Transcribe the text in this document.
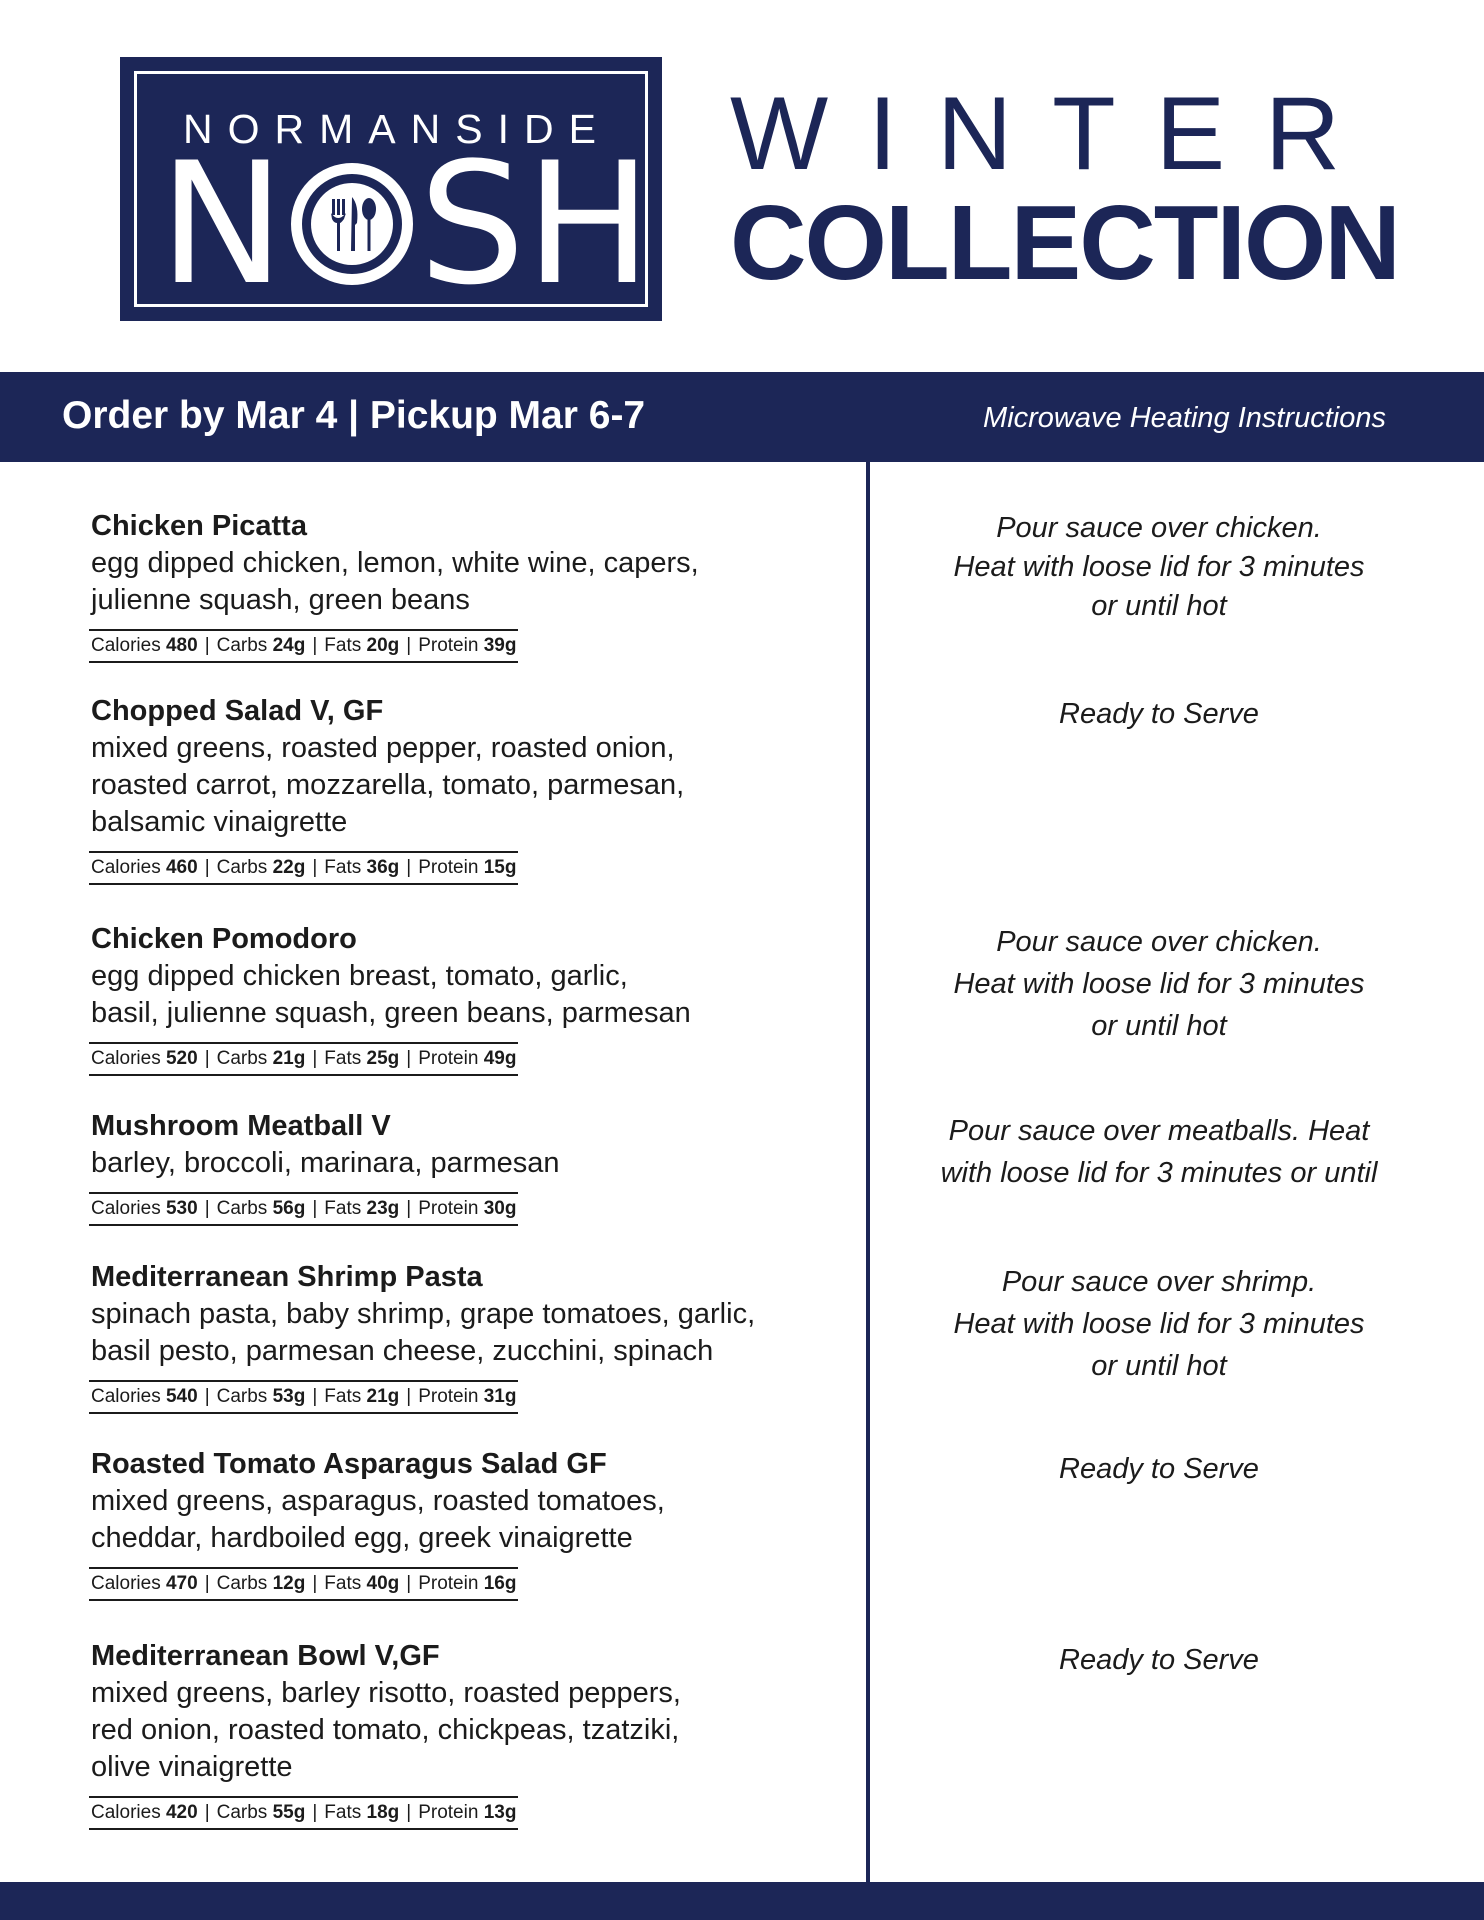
NORMANSIDE
N SH WINTER
COLLECTION
Order by Mar 4 | Pickup Mar 6-7	Microwave Heating Instructions
Chicken Picatta
egg dipped chicken, lemon, white wine, capers,
julienne squash, green beans
Calories 480 | Carbs 24g | Fats 20g | Protein 39g
Chopped Salad V, GF
mixed greens, roasted pepper, roasted onion,
roasted carrot, mozzarella, tomato, parmesan,
balsamic vinaigrette
Calories 460 | Carbs 22g | Fats 36g | Protein 15g
Chicken Pomodoro
egg dipped chicken breast, tomato, garlic,
basil, julienne squash, green beans, parmesan
Calories 520 | Carbs 21g | Fats 25g | Protein 49g
Mushroom Meatball V
barley, broccoli, marinara, parmesan
Calories 530 | Carbs 56g | Fats 23g | Protein 30g
Mediterranean Shrimp Pasta
spinach pasta, baby shrimp, grape tomatoes, garlic,
basil pesto, parmesan cheese, zucchini, spinach
Calories 540 | Carbs 53g | Fats 21g | Protein 31g
Roasted Tomato Asparagus Salad GF
mixed greens, asparagus, roasted tomatoes,
cheddar, hardboiled egg, greek vinaigrette
Calories 470 | Carbs 12g | Fats 40g | Protein 16g
Mediterranean Bowl V,GF
mixed greens, barley risotto, roasted peppers,
red onion, roasted tomato, chickpeas, tzatziki,
olive vinaigrette
Calories 420 | Carbs 55g | Fats 18g | Protein 13g
Pour sauce over chicken.
Heat with loose lid for 3 minutes
or until hot
Ready to Serve
Pour sauce over chicken.
Heat with loose lid for 3 minutes
or until hot
Pour sauce over meatballs. Heat
with loose lid for 3 minutes or until
Pour sauce over shrimp.
Heat with loose lid for 3 minutes
or until hot
Ready to Serve
Ready to Serve
